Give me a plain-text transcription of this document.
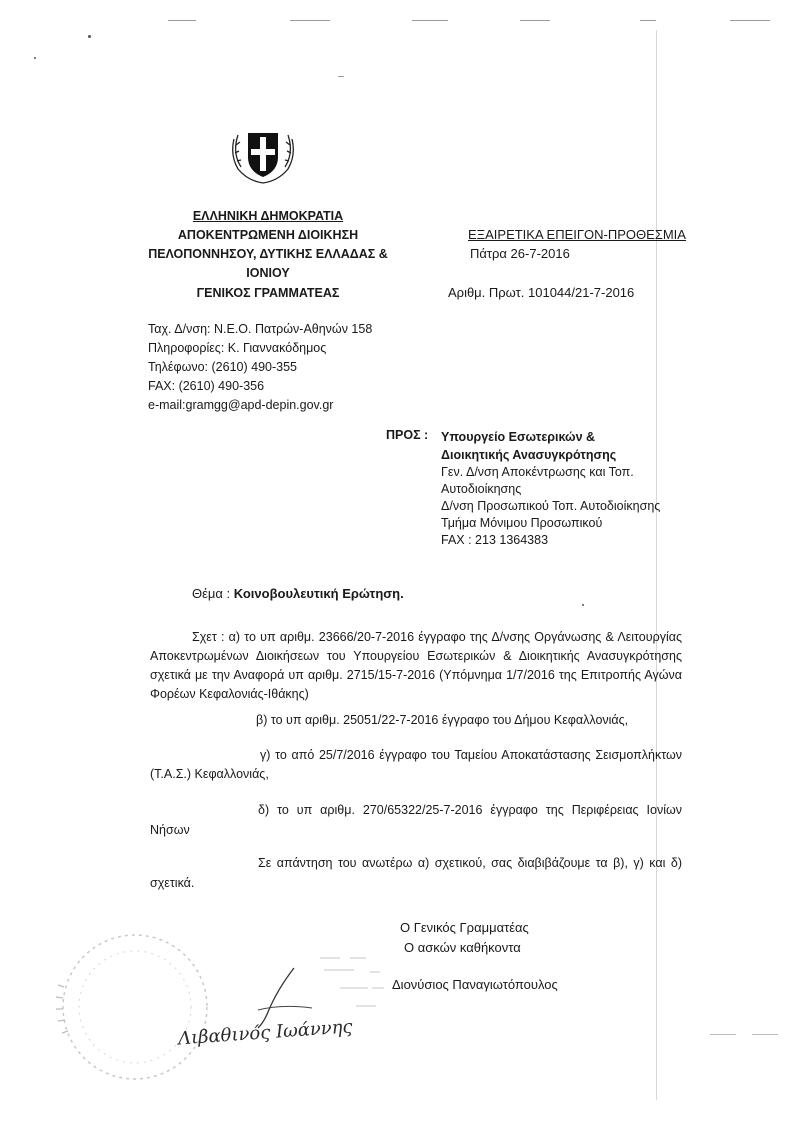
ΕΛΛΗΝΙΚΗ ΔΗΜΟΚΡΑΤΙΑ
ΑΠΟΚΕΝΤΡΩΜΕΝΗ ΔΙΟΙΚΗΣΗ
ΠΕΛΟΠΟΝΝΗΣΟΥ, ΔΥΤΙΚΗΣ ΕΛΛΑΔΑΣ &
ΙΟΝΙΟΥ
ΓΕΝΙΚΟΣ ΓΡΑΜΜΑΤΕΑΣ
ΕΞΑΙΡΕΤΙΚΑ ΕΠΕΙΓΟΝ-ΠΡΟΘΕΣΜΙΑ
Πάτρα 26-7-2016
Αριθμ. Πρωτ. 101044/21-7-2016
Ταχ. Δ/νση: Ν.Ε.Ο. Πατρών-Αθηνών 158
Πληροφορίες: Κ. Γιαννακόδημος
Τηλέφωνο: (2610) 490-355
FAX: (2610) 490-356
e-mail:gramgg@apd-depin.gov.gr
ΠΡΟΣ : Υπουργείο Εσωτερικών &
Διοικητικής Ανασυγκρότησης
Γεν. Δ/νση Αποκέντρωσης και Τοπ.
Αυτοδιοίκησης
Δ/νση Προσωπικού Τοπ. Αυτοδιοίκησης
Τμήμα Μόνιμου Προσωπικού
FAX : 213 1364383
Θέμα : Κοινοβουλευτική Ερώτηση.
Σχετ : α) το υπ αριθμ. 23666/20-7-2016 έγγραφο της Δ/νσης Οργάνωσης & Λειτουργίας Αποκεντρωμένων Διοικήσεων του Υπουργείου Εσωτερικών & Διοικητικής Ανασυγκρότησης σχετικά με την Αναφορά υπ αριθμ. 2715/15-7-2016 (Υπόμνημα 1/7/2016 της Επιτροπής Αγώνα Φορέων Κεφαλονιάς-Ιθάκης)
β) το υπ αριθμ. 25051/22-7-2016 έγγραφο του Δήμου Κεφαλλονιάς,
γ) το από 25/7/2016 έγγραφο του Ταμείου Αποκατάστασης Σεισμοπλήκτων (Τ.Α.Σ.) Κεφαλλονιάς,
δ) το υπ αριθμ. 270/65322/25-7-2016 έγγραφο της Περιφέρειας Ιονίων Νήσων
Σε απάντηση του ανωτέρω α) σχετικού, σας διαβιβάζουμε τα β), γ) και δ) σχετικά.
Ο Γενικός Γραμματέας
Ο ασκών καθήκοντα
Διονύσιος Παναγιωτόπουλος
Λιβαθινός Ιωάννης
